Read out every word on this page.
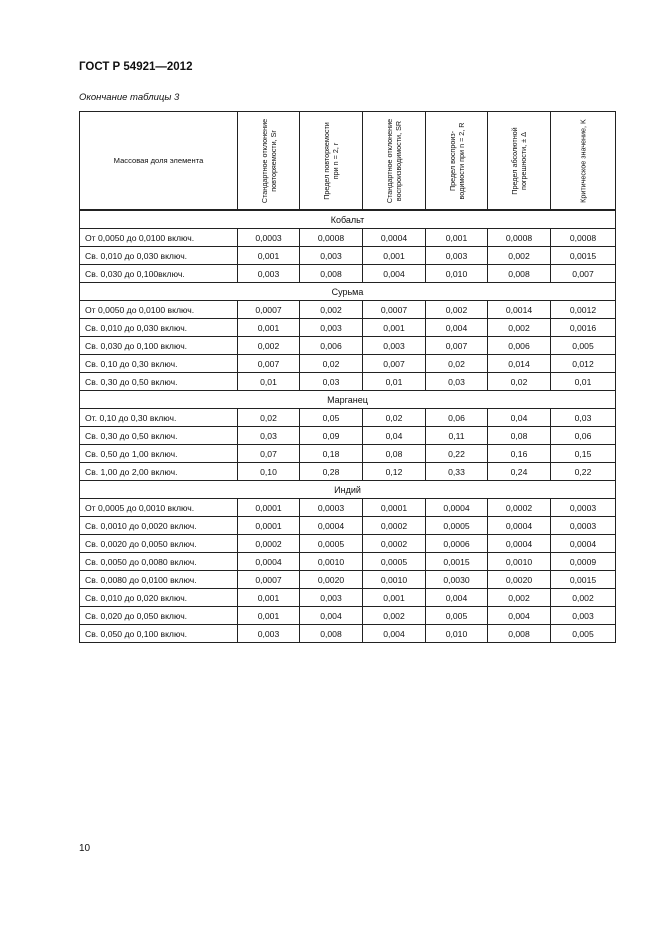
ГОСТ Р 54921—2012
Окончание таблицы 3
Массовая доля элемента	Стандартное отклонение повторяемости, Sr	Предел повторяемости при n = 2, r	Стандартное отклонение воспроизводимости, SR	Предел воспроиз-водимости при n = 2, R	Предел абсолютной погрешности, ± Δ	Критическое значение, K

Кобальт						
От 0,0050 до 0,0100 включ.	0,0003	0,0008	0,0004	0,001	0,0008	0,0008
Св. 0,010 до 0,030 включ.	0,001	0,003	0,001	0,003	0,002	0,0015
Св. 0,030 до 0,100включ.	0,003	0,008	0,004	0,010	0,008	0,007
Сурьма						
От 0,0050 до 0,0100 включ.	0,0007	0,002	0,0007	0,002	0,0014	0,0012
Св. 0,010 до 0,030 включ.	0,001	0,003	0,001	0,004	0,002	0,0016
Св. 0,030 до 0,100 включ.	0,002	0,006	0,003	0,007	0,006	0,005
Св. 0,10 до 0,30 включ.	0,007	0,02	0,007	0,02	0,014	0,012
Св. 0,30 до 0,50 включ.	0,01	0,03	0,01	0,03	0,02	0,01
Марганец						
От. 0,10 до 0,30 включ.	0,02	0,05	0,02	0,06	0,04	0,03
Св. 0,30 до 0,50 включ.	0,03	0,09	0,04	0,11	0,08	0,06
Св. 0,50 до 1,00 включ.	0,07	0,18	0,08	0,22	0,16	0,15
Св. 1,00 до 2,00 включ.	0,10	0,28	0,12	0,33	0,24	0,22
Индий						
От 0,0005 до 0,0010 включ.	0,0001	0,0003	0,0001	0,0004	0,0002	0,0003
Св. 0,0010 до 0,0020 включ.	0,0001	0,0004	0,0002	0,0005	0,0004	0,0003
Св. 0,0020 до 0,0050 включ.	0,0002	0,0005	0,0002	0,0006	0,0004	0,0004
Св. 0,0050 до 0,0080 включ.	0,0004	0,0010	0,0005	0,0015	0,0010	0,0009
Св. 0,0080 до 0,0100 включ.	0,0007	0,0020	0,0010	0,0030	0,0020	0,0015
Св. 0,010 до 0,020 включ.	0,001	0,003	0,001	0,004	0,002	0,002
Св. 0,020 до 0,050 включ.	0,001	0,004	0,002	0,005	0,004	0,003
Св. 0,050 до 0,100 включ.	0,003	0,008	0,004	0,010	0,008	0,005
10
